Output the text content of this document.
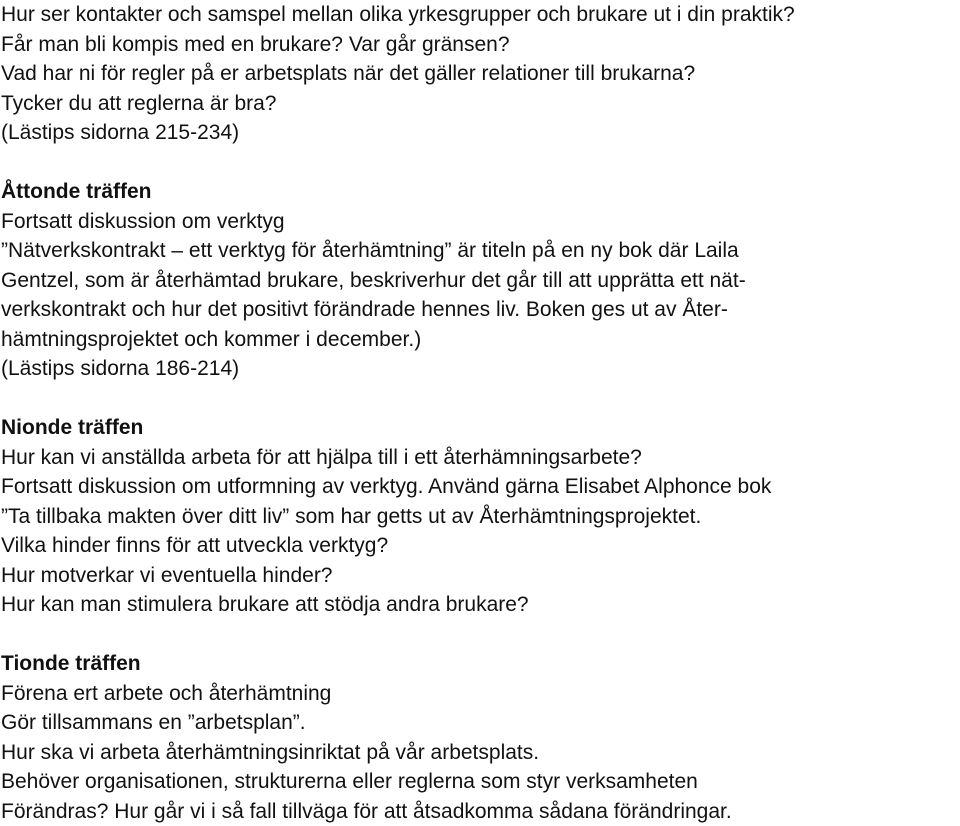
Hur ser kontakter och samspel mellan olika yrkesgrupper och brukare ut i din praktik?

Får man bli kompis med en brukare? Var går gränsen?

Vad har ni för regler på er arbetsplats när det gäller relationer till brukarna?

Tycker du att reglerna är bra?

(Lästips sidorna 215-234)

Åttonde träffen

Fortsatt diskussion om verktyg

”Nätverkskontrakt – ett verktyg för återhämtning” är titeln på en ny bok där Laila

Gentzel, som är återhämtad brukare, beskriverhur det går till att upprätta ett nät-

verkskontrakt och hur det positivt förändrade hennes liv. Boken ges ut av Åter-

hämtningsprojektet och kommer i december.)

(Lästips sidorna 186-214)

Nionde träffen

Hur kan vi anställda arbeta för att hjälpa till i ett återhämningsarbete?

Fortsatt diskussion om utformning av verktyg. Använd gärna Elisabet Alphonce bok

”Ta tillbaka makten över ditt liv” som har getts ut av Återhämtningsprojektet.

Vilka hinder finns för att utveckla verktyg?

Hur motverkar vi eventuella hinder?

Hur kan man stimulera brukare att stödja andra brukare?

Tionde träffen

Förena ert arbete och återhämtning

Gör tillsammans en ”arbetsplan”.

Hur ska vi arbeta återhämtningsinriktat på vår arbetsplats.

Behöver organisationen, strukturerna eller reglerna som styr verksamheten

Förändras? Hur går vi i så fall tillväga för att åtsadkomma sådana förändringar.
